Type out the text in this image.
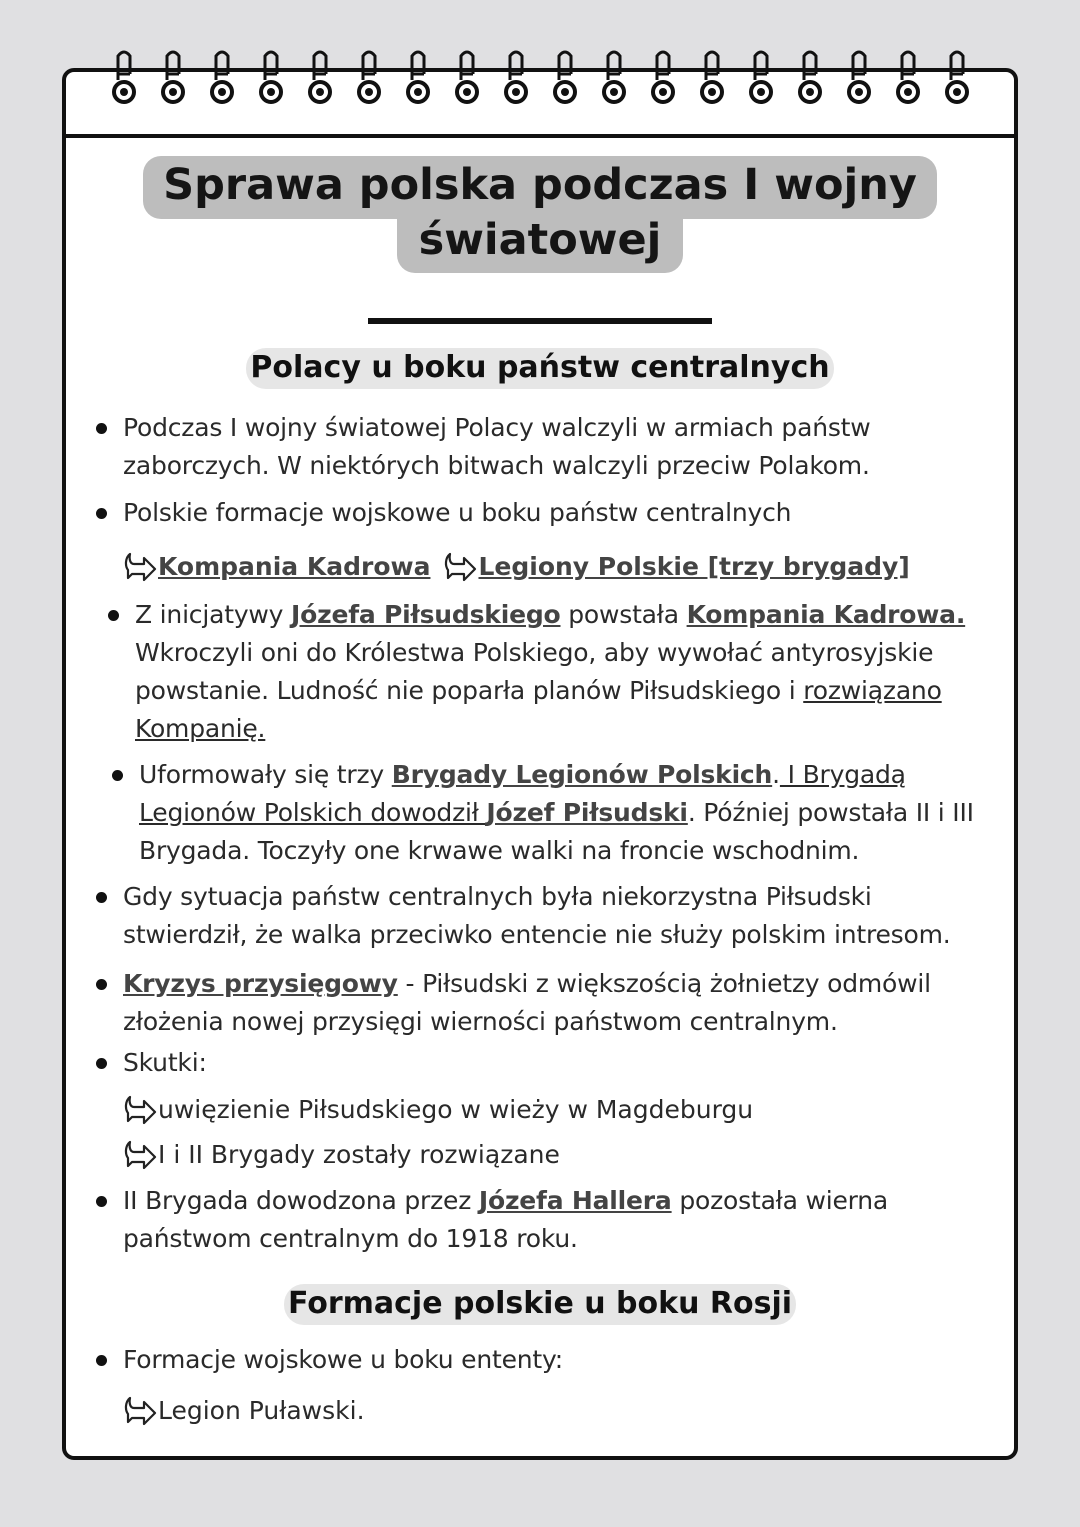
Sprawa polska podczas I wojny
światowej
Polacy u boku państw centralnych
Podczas I wojny światowej Polacy walczyli w armiach państw
zaborczych. W niektórych bitwach walczyli przeciw Polakom.
Polskie formacje wojskowe u boku państw centralnych
Kompania Kadrowa Legiony Polskie [trzy brygady]
Z inicjatywy Józefa Piłsudskiego powstała Kompania Kadrowa.
Wkroczyli oni do Królestwa Polskiego, aby wywołać antyrosyjskie
powstanie. Ludność nie poparła planów Piłsudskiego i rozwiązano
Kompanię.
Uformowały się trzy Brygady Legionów Polskich. I Brygadą
Legionów Polskich dowodził Józef Piłsudski. Później powstała II i III
Brygada. Toczyły one krwawe walki na froncie wschodnim.
Gdy sytuacja państw centralnych była niekorzystna Piłsudski
stwierdził, że walka przeciwko entencie nie służy polskim intresom.
Kryzys przysięgowy - Piłsudski z większością żołnietzy odmówil
złożenia nowej przysięgi wierności państwom centralnym.
Skutki:
uwięzienie Piłsudskiego w wieży w Magdeburgu
I i II Brygady zostały rozwiązane
II Brygada dowodzona przez Józefa Hallera pozostała wierna
państwom centralnym do 1918 roku.
Formacje polskie u boku Rosji
Formacje wojskowe u boku ententy:
Legion Puławski.
